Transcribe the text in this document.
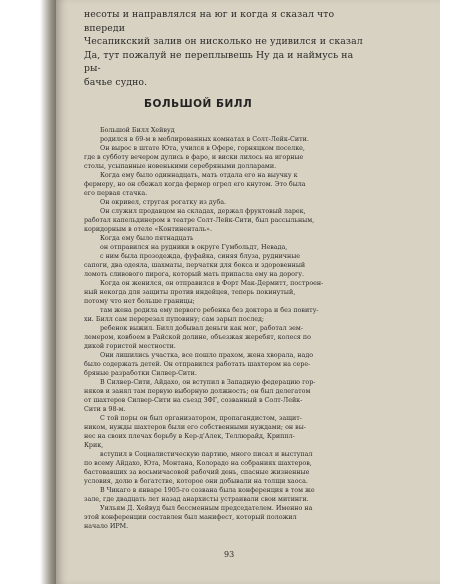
несоты и направлялся на юг и когда я сказал что впереди

Чесапикский залив он нисколько не удивился и сказал

Да, тут пожалуй не переплывешь Ну да и наймусь на ры-

бачье судно.

БОЛЬШОЙ БИЛЛ

Большой Билл Хейвуд

родился в 69-м в меблированных комнатах в Солт-Лейк-Сити.

Он вырос в штате Юта, учился в Офере, горняцком поселке,

где в субботу вечером дулись в фаро, и виски лилось на игорные

столы, усыпанные новенькими серебряными долларами.

Когда ему было одиннадцать, мать отдала его на выучку к

фермеру, но он сбежал когда фермер огрел его кнутом. Это была

его первая стачка.

Он окривел, стругая рогатку из дуба.

Он служил продавцом на складах, держал фруктовый ларек,

работал капельдинером в театре Солт-Лейк-Сити, был рассыльным,

коридорным в отеле «Континенталь».

Когда ему было пятнадцать

он отправился на рудники в округе Гумбольдт, Невада,

с ним была прозодежда, фуфайка, синяя блуза, рудничные

сапоги, два одеяла, шахматы, перчатки для бокса и здоровенный

ломоть сливового пирога, который мать припасла ему на дорогу.

Когда он женился, он отправился в Форт Мак-Дермитт, построен-

ный некогда для защиты против индейцев, теперь покинутый,

потому что нет больше границы;

там жена родила ему первого ребенка без доктора и без повиту-

хи. Билл сам перерезал пуповину; сам зарыл послед;

ребенок выжил. Билл добывал деньги как мог, работал зем-

лемером, ковбоем в Райской долине, объезжая жеребят, колеся по

дикой гористой местности.

Они лишились участка, все пошло прахом, жена хворала, надо

было содержать детей. Он отправился работать шахтером на сере-

бряные разработки Силвер-Сити.

В Силвер-Сити, Айдахо, он вступил в Западную федерацию гор-

няков и занял там первую выборную должность; он был делегатом

от шахтеров Силвер-Сити на съезд ЗФГ, созванный в Солт-Лейк-

Сити в 98-м.

С той поры он был организатором, пропагандистом, защит-

ником, нужды шахтеров были его собственными нуждами; он вы-

нес на своих плечах борьбу в Кер-д'Алек, Теллюрайд, Криппл-

Крик,

вступил в Социалистическую партию, много писал и выступал

по всему Айдахо, Юта, Монтана, Колорадо на собраниях шахтеров,

бастовавших за восьмичасовой рабочий день, спасные жизненные

условия, долю в богатстве, которое они добывали на толщи хаоса.

В Чикаго в январе 1905-го созвана была конференция в том же

зале, где двадцать лет назад анархисты устраивали свои митинги.

Уильям Д. Хейвуд был бессменным председателем. Именно на

этой конференции составлен был манифест, который положил

начало ИРМ.

93
